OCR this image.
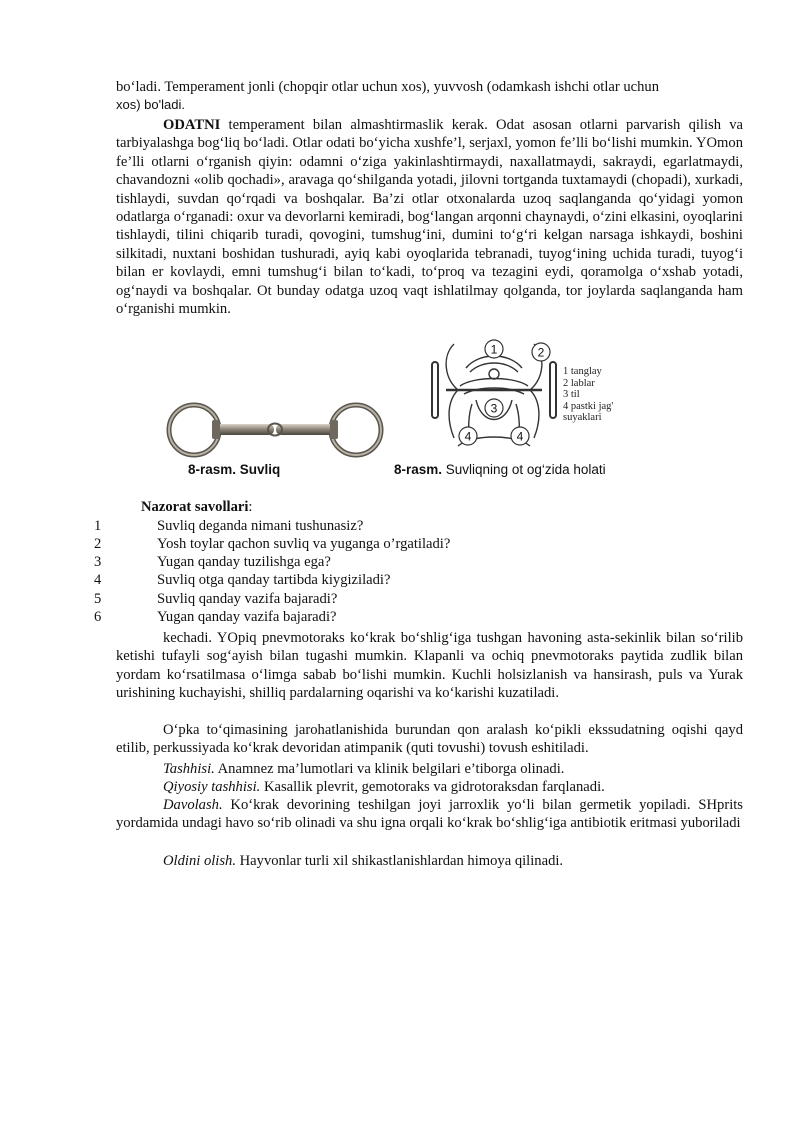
bo‘ladi. Temperament jonli (chopqir otlar uchun xos), yuvvosh (odamkash ishchi otlar uchun
xos) bo'ladi.

ODATNI temperament bilan almashtirmaslik kerak. Odat asosan otlarni parvarish qilish va tarbiyalashga bog‘liq bo‘ladi. Otlar odati bo‘yicha xushfe’l, serjaxl, yomon fe’lli bo‘lishi mumkin. YOmon fe’lli otlarni o‘rganish qiyin: odamni o‘ziga yakinlashtirmaydi, naxallatmaydi, sakraydi, egarlatmaydi, chavandozni «olib qochadi», aravaga qo‘shilganda yotadi, jilovni tortganda tuxtamaydi (chopadi), xurkadi, tishlaydi, suvdan qo‘rqadi va boshqalar. Ba’zi otlar otxonalarda uzoq saqlanganda qo‘yidagi yomon odatlarga o‘rganadi: oxur va devorlarni kemiradi, bog‘langan arqonni chaynaydi, o‘zini elkasini, oyoqlarini tishlaydi, tilini chiqarib turadi, qovogini, tumshug‘ini, dumini to‘g‘ri kelgan narsaga ishkaydi, boshini silkitadi, nuxtani boshidan tushuradi, ayiq kabi oyoqlarida tebranadi, tuyog‘ining uchida turadi, tuyog‘i bilan er kovlaydi, emni tumshug‘i bilan to‘kadi, to‘proq va tezagini eydi, qoramolga o‘xshab yotadi, og‘naydi va boshqalar. Ot bunday odatga uzoq vaqt ishlatilmay qolganda, tor joylarda saqlanganda ham o‘rganishi mumkin.

8-rasm. Suvliq
1	2
3
4	4
1 tanglay
2 lablar
3 til
4 pastki jag'
suyaklari
8-rasm. Suvliqning ot og‘zida holati
Nazorat savollari:
1	Suvliq deganda nimani tushunasiz?
2	Yosh toylar qachon suvliq va yuganga o’rgatiladi?
3	Yugan qanday tuzilishga ega?
4	Suvliq otga qanday tartibda kiygiziladi?
5	Suvliq qanday vazifa bajaradi?
6	Yugan qanday vazifa bajaradi?

kechadi. YOpiq pnevmotoraks ko‘krak bo‘shlig‘iga tushgan havoning asta-sekinlik bilan so‘rilib ketishi tufayli sog‘ayish bilan tugashi mumkin. Klapanli va ochiq pnevmotoraks paytida zudlik bilan yordam ko‘rsatilmasa o‘limga sabab bo‘lishi mumkin. Kuchli holsizlanish va hansirash, puls va Yurak urishining kuchayishi, shilliq pardalarning oqarishi va ko‘karishi kuzatiladi.

O‘pka to‘qimasining jarohatlanishida burundan qon aralash ko‘pikli ekssudatning oqishi qayd etilib, perkussiyada ko‘krak devoridan atimpanik (quti tovushi) tovush eshitiladi.

Tashhisi. Anamnez ma’lumotlari va klinik belgilari e’tiborga olinadi.

Qiyosiy tashhisi. Kasallik plevrit, gemotoraks va gidrotoraksdan farqlanadi.

Davolash. Ko‘krak devorining teshilgan joyi jarroxlik yo‘li bilan germetik yopiladi. SHprits yordamida undagi havo so‘rib olinadi va shu igna orqali ko‘krak bo‘shlig‘iga antibiotik eritmasi yuboriladi

Oldini olish. Hayvonlar turli xil shikastlanishlardan himoya qilinadi.
